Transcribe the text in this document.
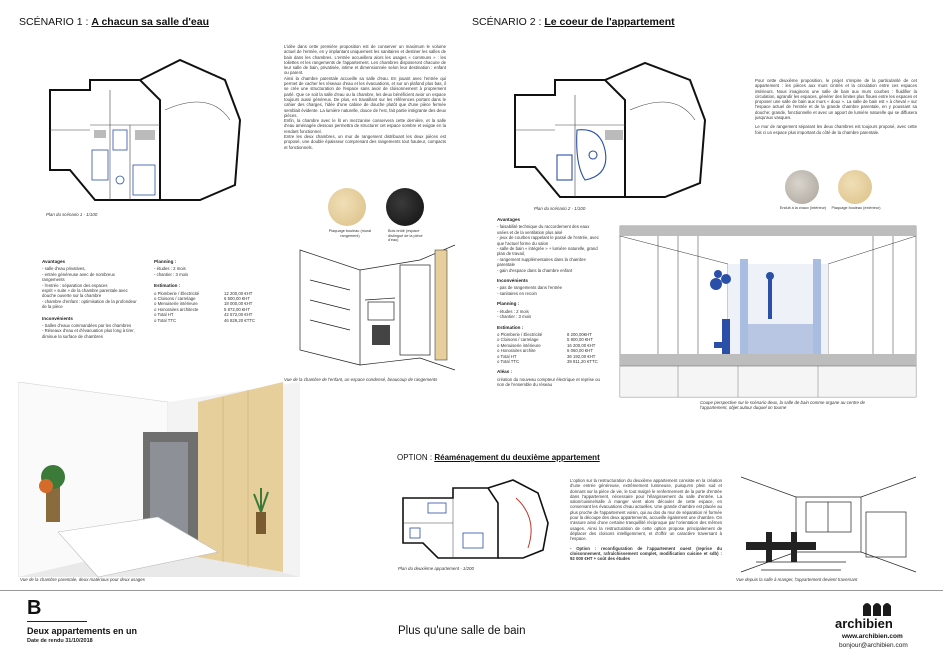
SCÉNARIO 1 : A chacun sa salle d'eau
Plan du scénario 1 - 1/100
L'idée dans cette première proposition est de conserver un maximum le volume actuel de l'entrée, en y implantant uniquement les sanitaires et destiner les salles de bain dans les chambres. L'entrée accueillera alors les usages « communs » : les toilettes et les rangements de l'appartement. Les chambres disposeront chacune de leur salle de bain, privatisée, intime et dimensionnée selon leur destination : enfant ou parent.
Ainsi la chambre parentale accueille sa salle d'eau. En jouant avec l'entrée qui permet de cacher les réseaux d'eau et les évacuations, et sur un plafond plus bas, il se crée une structuration de l'espace sans avoir de cloisonnement à proprement parlé. Que ce soit la salle d'eau ou la chambre, les deux bénéficient avoir un espace toujours aussi généreux. De plus, en travaillant sur les références portant dans le cahier des charges, l'idée d'une cabine de douche plutôt que d'une pièce fermée semblait évidente. La lumière naturelle, douce de l'est, fait partie intégrante des deux pièces.
Enfin, la chambre avec le lit en mezzanine conservera cette dernière, et la salle d'eau aménagée dessous permettra de structurer cet espace sombre et exigüe en la rendant fonctionnel.
Entre les deux chambres, un mur de rangement distribuant les deux pièces est proposé, une double épaisseur comprenant des rangements tout hauteur, compacts et fonctionnels.
Plaquage bouleau (mural rangement)
Bois brûlé (espace distingué de la pièce d'eau)
Avantages
- salle d'eau privatives,
- entrée généreuse avec de nombreux rangements
- l'entrée : séparation des espaces
esprit « suite » de la chambre parentale avec douche ouverte sur la chambre
- chambre d'enfant : optimisation de la profondeur de la pièce
Inconvénients
- Salles d'eaux commandées par les chambres
- Réseaux d'eau et d'évacuation plus long à tirer, diminue la surface de chambres
Planning :
- études : 2 mois
- chantier : 3 mois
Estimation :
o Plomberie / Électricité	12 200,00 €HT
o Cloisons / carrelage	6 500,00 €HT
o Menuiserie intérieure	18 000,00 €HT
o Honoraires architecte	5 872,00 €HT
o Total HT	42 572,00 €HT
o Total TTC	46 829,20 €TTC
Vue de la chambre de l'enfant, un espace condensé, beaucoup de rangements
Vue de la chambre parentale, deux matériaux pour deux usages
SCÉNARIO 2 : Le coeur de l'appartement
Plan du scénario 2 - 1/100
Pour cette deuxième proposition, le projet s'inspire de la particularité de cet appartement : les pièces aux murs cintrés et la circulation entre ces espaces intérieurs. Nous imaginons une salle de bain aux murs courbes : fluidifier la circulation, agrandir les espaces, générer des limites plus floues entre les espaces et proposer une salle de bain aux murs « doux ». La salle de bain est « à cheval » sur l'espace actuel de l'entrée et de la grande chambre parentale, en y poussant sa douche; grande, fonctionnelle et avec un apport de lumière naturelle qui se diffusera jusqu'aux vasques.
Le mur de rangement séparant les deux chambres est toujours proposé, avec cette fois ci un espace plus important du côté de la chambre parentale.
Enduit à la chaux (intérieur)	Plaquage bouleau (extérieur)
Avantages
- faisabilité technique du raccordement des eaux usées et de la ventilation plus aisé
- jeux de courbes rappelant le passé de l'entrée, avec que l'actuel forme du salon
- salle de bain « intégrée » + lumière naturelle, grand plan de travail,
- rangement supplémentaires dans la chambre parentale
- gain d'espace dans la chambre enfant
Inconvénients
- pas de rangements dans l'entrée
- sanitaires en recoin
Planning :
- études : 2 mois
- chantier : 3 mois
Estimation :
o Plomberie / Électricité	8 200,00€HT
o Cloisons / carrelage	5 800,00 €HT
o Menuiserie intérieure	16 200,00 €HT
o Honoraires archite	6 060,00 €HT
o Total HT	36 192,00 €HT
o Total TTC	39 811,20 €TTC
Aléas :
création du nouveau compteur électrique et reprise ou non de l'ensemble du réseau
Coupe perspective sur le scénario deux, la salle de bain comme organe au centre de l'appartement, objet autour duquel on tourne
OPTION : Réaménagement du deuxième appartement
Plan du deuxième appartement - 1/200
L'option sur la restructuration du deuxième appartement consiste en la création d'une entrée généreuse, extrêmement lumineuse, puisqu'en plein sud et donnant sur la pièce de vie, le tout malgré le renfermement de la porte d'entrée dans l'appartement, nécessaire pour l'élargissement du salle d'entrée. La salon/cuisine/salle à manger vient alors découler de cette espace, en conservant les évacuations d'eau actuelles. Une grande chambre est placée au plus proche de l'appartement voisin, qui au dos du mur de séparation ré formée pour la découpe des deux appartements, accueille également une chambre. On s'assure ainsi d'une certaine tranquillité réciproque par l'orientation des mêmes usages. Ainsi la restructuration de cette option propose principalement de déplacer des cloisons intelligemment, et d'offrir un caractère traversant à l'espace.
- Option : reconfiguration de l'appartement ouest (reprise du cloisonnement, rafraîchissement complet, modification cuisine et sdb) : 92 000 €HT + coût des études
Vue depuis la salle à manger, l'appartement devient traversant
B
Deux appartements en un
Date de rendu 31/10/2018
Plus qu'une salle de bain	archibien
www.archibien.com
bonjour@archibien.com
